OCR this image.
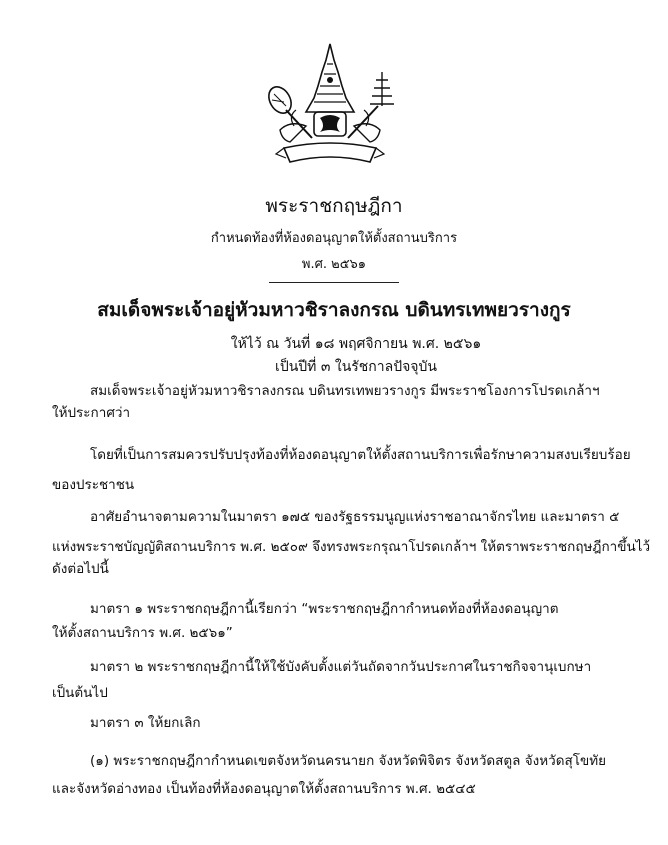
พระราชกฤษฎีกา
กำหนดท้องที่ห้องดอนุญาตให้ตั้งสถานบริการ
พ.ศ. ๒๕๖๑
สมเด็จพระเจ้าอยู่หัวมหาวชิราลงกรณ บดินทรเทพยวรางกูร
ให้ไว้ ณ วันที่ ๑๘ พฤศจิกายน พ.ศ. ๒๕๖๑
เป็นปีที่ ๓ ในรัชกาลปัจจุบัน
สมเด็จพระเจ้าอยู่หัวมหาวชิราลงกรณ บดินทรเทพยวรางกูร มีพระราชโองการโปรดเกล้าฯ
ให้ประกาศว่า
โดยที่เป็นการสมควรปรับปรุงท้องที่ห้องดอนุญาตให้ตั้งสถานบริการเพื่อรักษาความสงบเรียบร้อย
ของประชาชน
อาศัยอำนาจตามความในมาตรา ๑๗๕ ของรัฐธรรมนูญแห่งราชอาณาจักรไทย และมาตรา ๕
แห่งพระราชบัญญัติสถานบริการ พ.ศ. ๒๕๐๙ จึงทรงพระกรุณาโปรดเกล้าฯ ให้ตราพระราชกฤษฎีกาขึ้นไว้
ดังต่อไปนี้
มาตรา ๑ พระราชกฤษฎีกานี้เรียกว่า “พระราชกฤษฎีกากำหนดท้องที่ห้องดอนุญาต
ให้ตั้งสถานบริการ พ.ศ. ๒๕๖๑”
มาตรา ๒ พระราชกฤษฎีกานี้ให้ใช้บังคับตั้งแต่วันถัดจากวันประกาศในราชกิจจานุเบกษา
เป็นต้นไป
มาตรา ๓ ให้ยกเลิก
(๑) พระราชกฤษฎีกากำหนดเขตจังหวัดนครนายก จังหวัดพิจิตร จังหวัดสตูล จังหวัดสุโขทัย
และจังหวัดอ่างทอง เป็นท้องที่ห้องดอนุญาตให้ตั้งสถานบริการ พ.ศ. ๒๕๔๕
